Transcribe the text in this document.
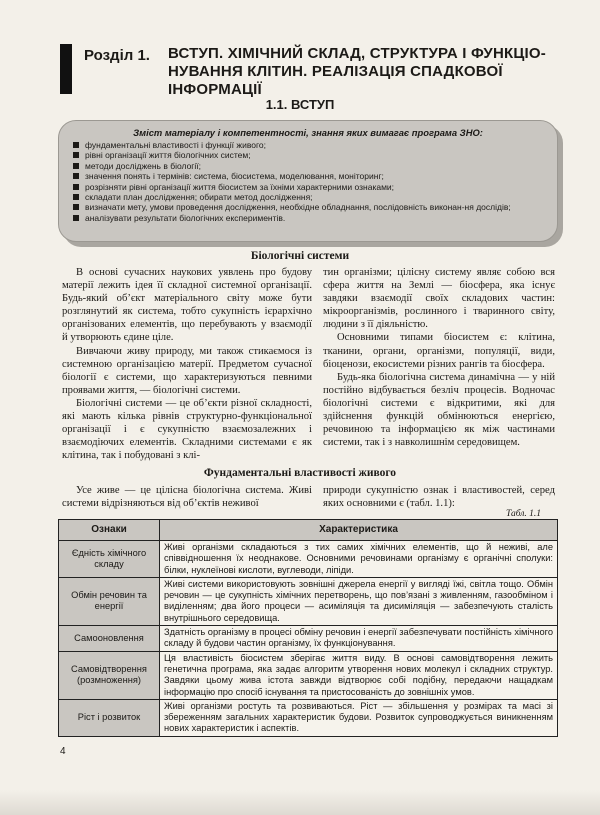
Розділ 1. ВСТУП. ХІМІЧНИЙ СКЛАД, СТРУКТУРА І ФУНКЦІО-НУВАННЯ КЛІТИН. РЕАЛІЗАЦІЯ СПАДКОВОЇ ІНФОРМАЦІЇ
1.1. ВСТУП
Зміст матеріалу і компетентності, знання яких вимагає програма ЗНО:
фундаментальні властивості і функції живого;
рівні організації життя біологічних систем;
методи досліджень в біології;
значення понять і термінів: система, біосистема, моделювання, моніторинг;
розрізняти рівні організації життя біосистем за їхніми характерними ознаками;
складати план дослідження; обирати метод дослідження;
визначати мету, умови проведення дослідження, необхідне обладнання, послідовність виконан-ня дослідів;
аналізувати результати біологічних експериментів.
Біологічні системи

В основі сучасних наукових уявлень про будову матерії лежить ідея її складної системної організації. Будь-який об’єкт матеріального світу може бути розглянутий як система, тобто сукупність ієрархічно організованих елементів, що перебувають у взаємодії й утворюють єдине ціле.

Вивчаючи живу природу, ми також стикаємося із системною організацією матерії. Предметом сучасної біології є системи, що характеризуються певними проявами життя, — біологічні системи.

Біологічні системи — це об’єкти різної складності, які мають кілька рівнів структурно-функціональної організації і є сукупністю взаємозалежних і взаємодіючих елементів. Складними системами є як клітина, так і побудовані з клі-

тин організми; цілісну систему являє собою вся сфера життя на Землі — біосфера, яка існує завдяки взаємодії своїх складових частин: мікроорганізмів, рослинного і тваринного світу, людини з її діяльністю.

Основними типами біосистем є: клітина, тканини, органи, організми, популяції, види, біоценози, екосистеми різних рангів та біосфера.

Будь-яка біологічна система динамічна — у ній постійно відбувається безліч процесів. Водночас біологічні системи є відкритими, які для здійснення функцій обмінюються енергією, речовиною та інформацією як між частинами системи, так і з навколишнім середовищем.

Фундаментальні властивості живого

Усе живе — це цілісна біологічна система. Живі системи відрізняються від об’єктів неживої

природи сукупністю ознак і властивостей, серед яких основними є (табл. 1.1):

Табл. 1.1
Ознаки	Характеристика
Єдність хімічного складу	Живі організми складаються з тих самих хімічних елементів, що й неживі, але співвідношення їх неоднакове. Основними речовинами організму є органічні сполуки: білки, нуклеїнові кислоти, вуглеводи, ліпіди.
Обмін речовин та енергії	Живі системи використовують зовнішні джерела енергії у вигляді їжі, світла тощо. Обмін речовин — це сукупність хімічних перетворень, що пов’язані з живленням, газообміном і виділенням; два його процеси — асиміляція та дисиміляція — забезпечують сталість внутрішнього середовища.
Самооновлення	Здатність організму в процесі обміну речовин і енергії забезпечувати постійність хімічного складу й будови частин організму, їх функціонування.
Самовідтворення (розмноження)	Ця властивість біосистем зберігає життя виду. В основі самовідтворення лежить генетична програма, яка задає алгоритм утворення нових молекул і складних структур. Завдяки цьому жива істота завжди відтворює собі подібну, передаючи нащадкам інформацію про спосіб існування та пристосованість до зовнішніх умов.
Ріст і розвиток	Живі організми ростуть та розвиваються. Ріст — збільшення у розмірах та масі зі збереженням загальних характеристик будови. Розвиток супроводжується виникненням нових характеристик і аспектів.
4
